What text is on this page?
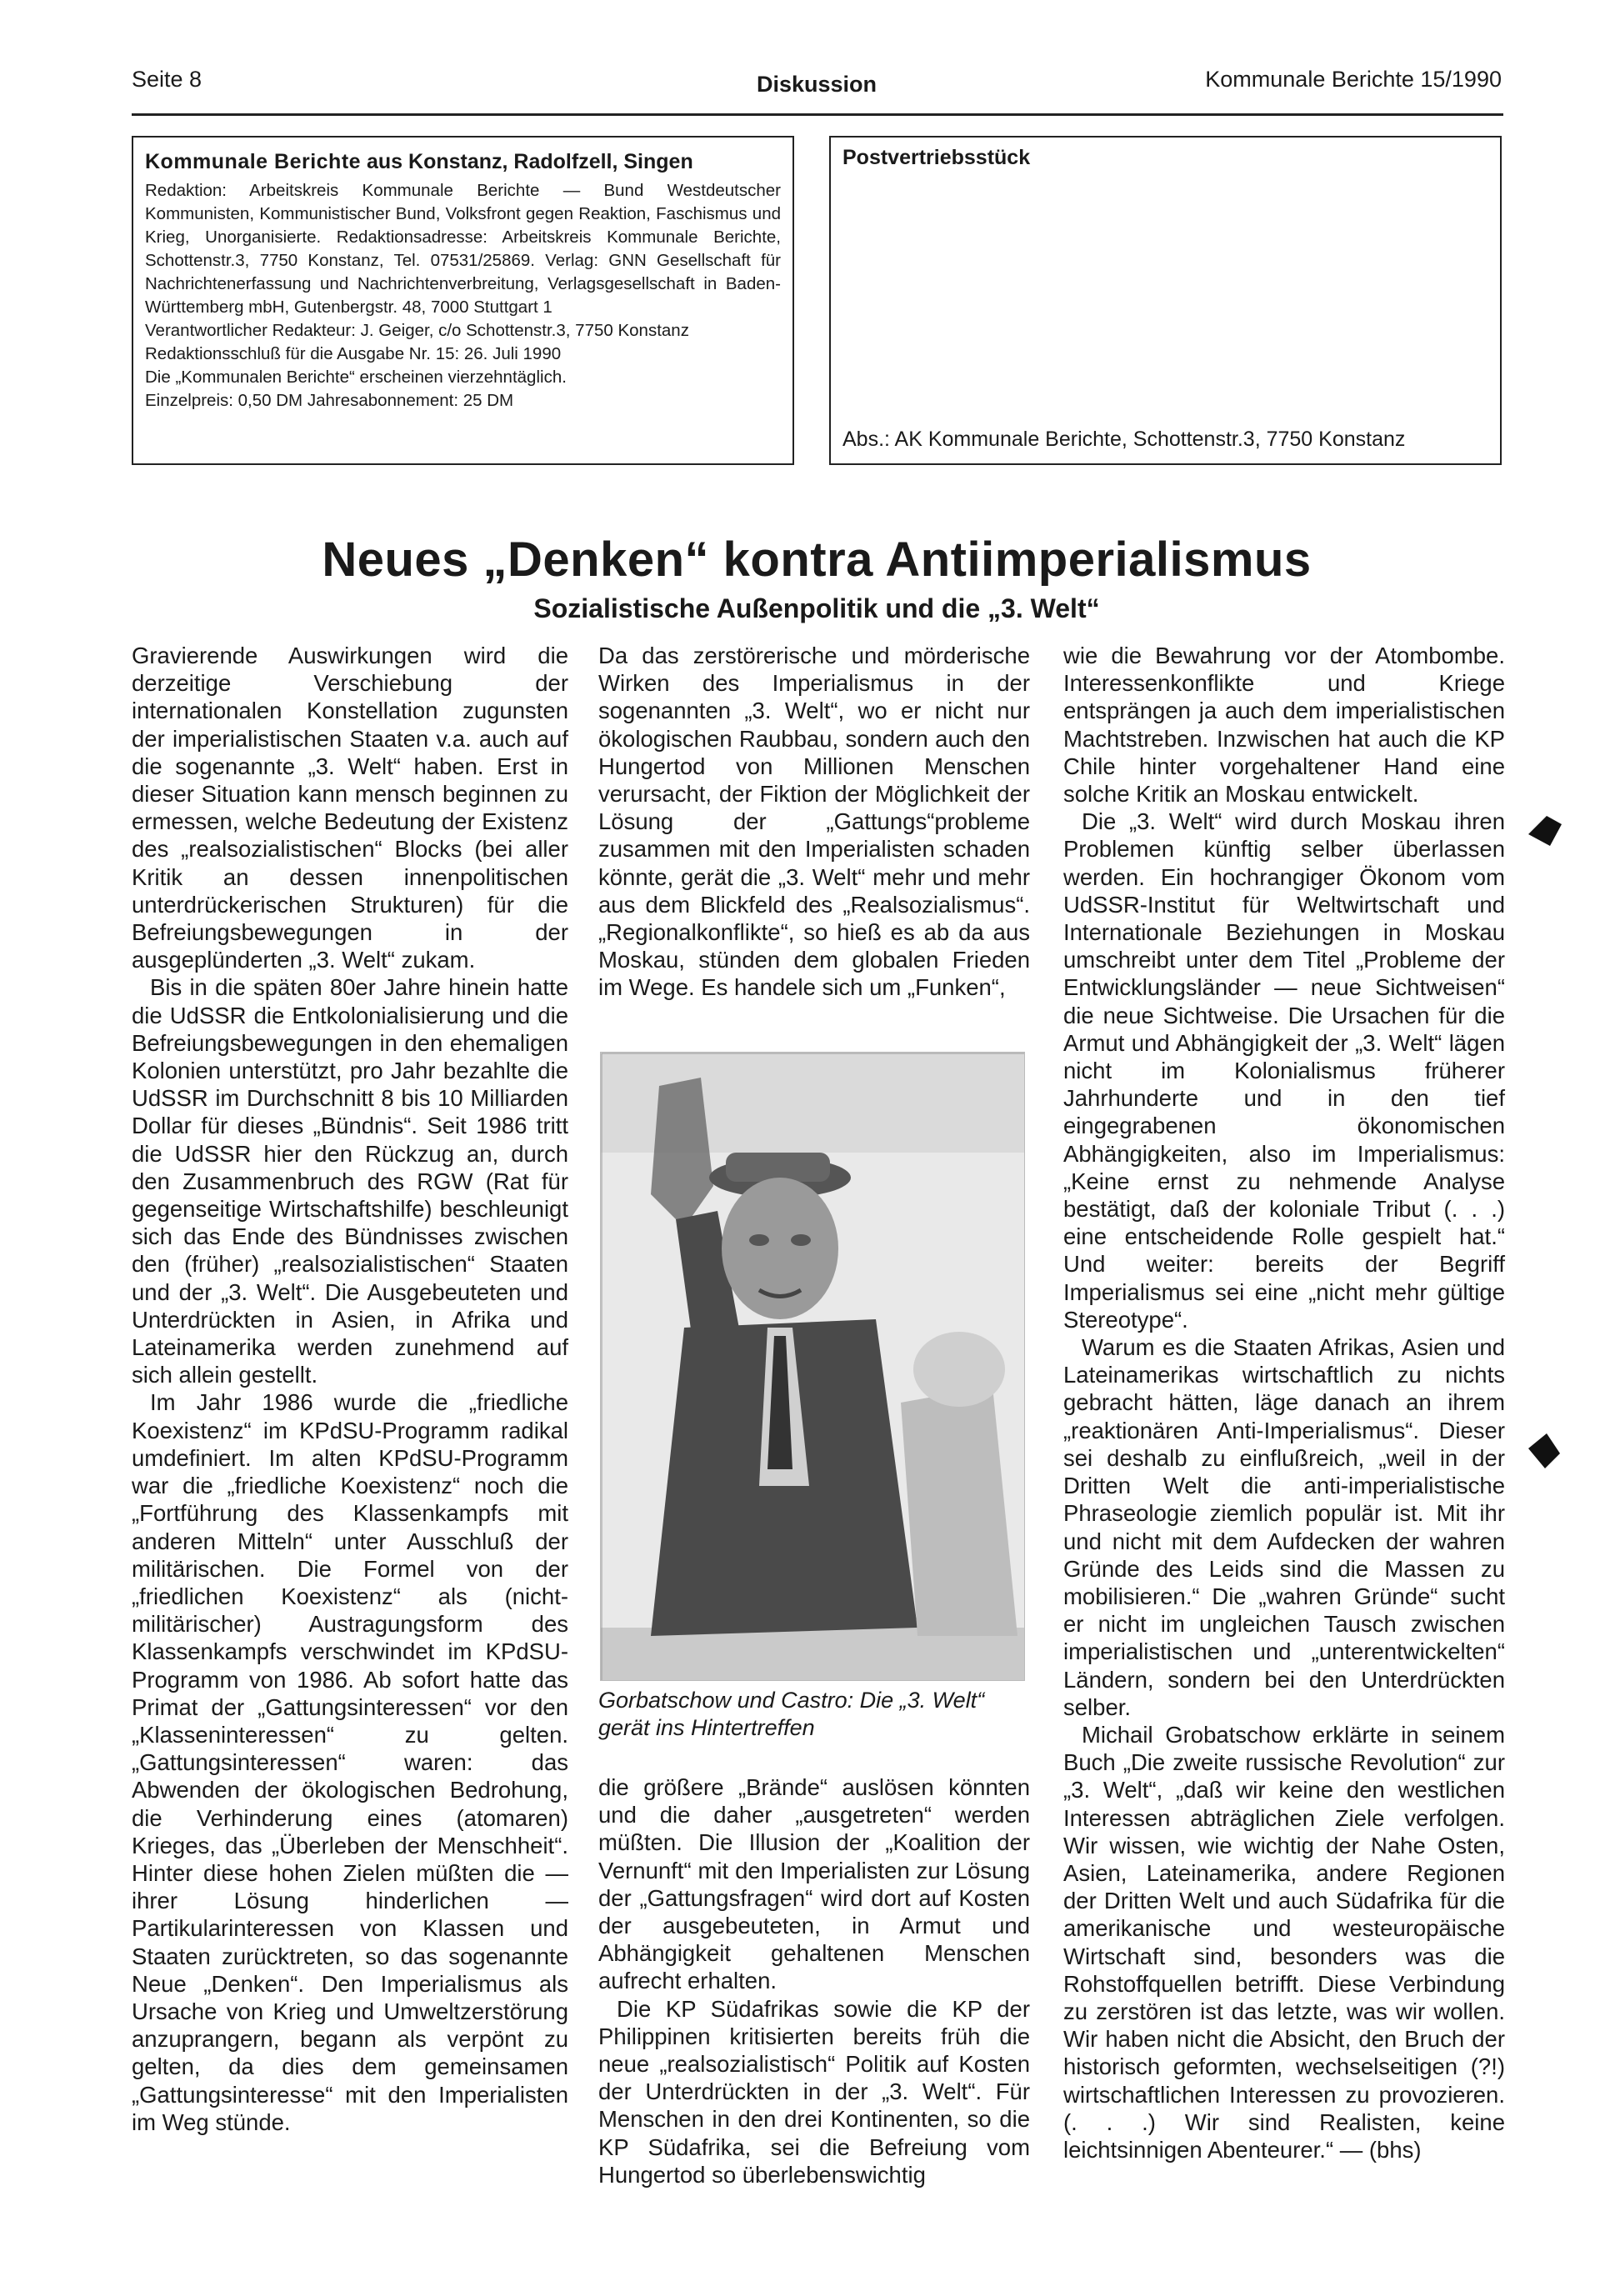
Seite 8	Diskussion	Kommunale Berichte 15/1990
Kommunale Berichte aus Konstanz, Radolfzell, Singen
Redaktion: Arbeitskreis Kommunale Berichte — Bund Westdeutscher Kommunisten, Kommunistischer Bund, Volksfront gegen Reaktion, Faschismus und Krieg, Unorganisierte. Redaktionsadresse: Arbeitskreis Kommunale Berichte, Schottenstr.3, 7750 Konstanz, Tel. 07531/25869. Verlag: GNN Gesellschaft für Nachrichtenerfassung und Nachrichtenverbreitung, Verlagsgesellschaft in Baden-Württemberg mbH, Gutenbergstr. 48, 7000 Stuttgart 1
Verantwortlicher Redakteur: J. Geiger, c/o Schottenstr.3, 7750 Konstanz
Redaktionsschluß für die Ausgabe Nr. 15: 26. Juli 1990
Die „Kommunalen Berichte“ erscheinen vierzehntäglich.
Einzelpreis: 0,50 DM Jahresabonnement: 25 DM
Postvertriebsstück
Abs.: AK Kommunale Berichte, Schottenstr.3, 7750 Konstanz
Neues „Denken“ kontra Antiimperialismus
Sozialistische Außenpolitik und die „3. Welt“

Gravierende Auswirkungen wird die derzeitige Verschiebung der internationalen Konstellation zugunsten der imperialistischen Staaten v.a. auch auf die sogenannte „3. Welt“ haben. Erst in dieser Situation kann mensch beginnen zu ermessen, welche Bedeutung der Existenz des „realsozialistischen“ Blocks (bei aller Kritik an dessen innenpolitischen unterdrückerischen Strukturen) für die Befreiungsbewegungen in der ausgeplünderten „3. Welt“ zukam.

Bis in die späten 80er Jahre hinein hatte die UdSSR die Entkolonialisierung und die Befreiungsbewegungen in den ehemaligen Kolonien unterstützt, pro Jahr bezahlte die UdSSR im Durchschnitt 8 bis 10 Milliarden Dollar für dieses „Bündnis“. Seit 1986 tritt die UdSSR hier den Rückzug an, durch den Zusammenbruch des RGW (Rat für gegenseitige Wirtschaftshilfe) beschleunigt sich das Ende des Bündnisses zwischen den (früher) „realsozialistischen“ Staaten und der „3. Welt“. Die Ausgebeuteten und Unterdrückten in Asien, in Afrika und Lateinamerika werden zunehmend auf sich allein gestellt.

Im Jahr 1986 wurde die „friedliche Koexistenz“ im KPdSU-Programm radikal umdefiniert. Im alten KPdSU-Programm war die „friedliche Koexistenz“ noch die „Fortführung des Klassenkampfs mit anderen Mitteln“ unter Ausschluß der militärischen. Die Formel von der „friedlichen Koexistenz“ als (nicht-militärischer) Austragungsform des Klassenkampfs verschwindet im KPdSU-Programm von 1986. Ab sofort hatte das Primat der „Gattungsinteressen“ vor den „Klasseninteressen“ zu gelten. „Gattungsinteressen“ waren: das Abwenden der ökologischen Bedrohung, die Verhinderung eines (atomaren) Krieges, das „Überleben der Menschheit“. Hinter diese hohen Zielen müßten die — ihrer Lösung hinderlichen — Partikularinteressen von Klassen und Staaten zurücktreten, so das sogenannte Neue „Denken“. Den Imperialismus als Ursache von Krieg und Umweltzerstörung anzuprangern, begann als verpönt zu gelten, da dies dem gemeinsamen „Gattungsinteresse“ mit den Imperialisten im Weg stünde.

Da das zerstörerische und mörderische Wirken des Imperialismus in der sogenannten „3. Welt“, wo er nicht nur ökologischen Raubbau, sondern auch den Hungertod von Millionen Menschen verursacht, der Fiktion der Möglichkeit der Lösung der „Gattungs“probleme zusammen mit den Imperialisten schaden könnte, gerät die „3. Welt“ mehr und mehr aus dem Blickfeld des „Realsozialismus“. „Regionalkonflikte“, so hieß es ab da aus Moskau, stünden dem globalen Frieden im Wege. Es handele sich um „Funken“,

Gorbatschow und Castro: Die „3. Welt“ gerät ins Hintertreffen

die größere „Brände“ auslösen könnten und die daher „ausgetreten“ werden müßten. Die Illusion der „Koalition der Vernunft“ mit den Imperialisten zur Lösung der „Gattungsfragen“ wird dort auf Kosten der ausgebeuteten, in Armut und Abhängigkeit gehaltenen Menschen aufrecht erhalten.

Die KP Südafrikas sowie die KP der Philippinen kritisierten bereits früh die neue „realsozialistisch“ Politik auf Kosten der Unterdrückten in der „3. Welt“. Für Menschen in den drei Kontinenten, so die KP Südafrika, sei die Befreiung vom Hungertod so überlebenswichtig

wie die Bewahrung vor der Atombombe. Interessenkonflikte und Kriege entsprängen ja auch dem imperialistischen Machtstreben. Inzwischen hat auch die KP Chile hinter vorgehaltener Hand eine solche Kritik an Moskau entwickelt.

Die „3. Welt“ wird durch Moskau ihren Problemen künftig selber überlassen werden. Ein hochrangiger Ökonom vom UdSSR-Institut für Weltwirtschaft und Internationale Beziehungen in Moskau umschreibt unter dem Titel „Probleme der Entwicklungsländer — neue Sichtweisen“ die neue Sichtweise. Die Ursachen für die Armut und Abhängigkeit der „3. Welt“ lägen nicht im Kolonialismus früherer Jahrhunderte und in den tief eingegrabenen ökonomischen Abhängigkeiten, also im Imperialismus: „Keine ernst zu nehmende Analyse bestätigt, daß der koloniale Tribut (. . .) eine entscheidende Rolle gespielt hat.“ Und weiter: bereits der Begriff Imperialismus sei eine „nicht mehr gültige Stereotype“.

Warum es die Staaten Afrikas, Asien und Lateinamerikas wirtschaftlich zu nichts gebracht hätten, läge danach an ihrem „reaktionären Anti-Imperialismus“. Dieser sei deshalb zu einflußreich, „weil in der Dritten Welt die anti-imperialistische Phraseologie ziemlich populär ist. Mit ihr und nicht mit dem Aufdecken der wahren Gründe des Leids sind die Massen zu mobilisieren.“ Die „wahren Gründe“ sucht er nicht im ungleichen Tausch zwischen imperialistischen und „unterentwickelten“ Ländern, sondern bei den Unterdrückten selber.

Michail Grobatschow erklärte in seinem Buch „Die zweite russische Revolution“ zur „3. Welt“, „daß wir keine den westlichen Interessen abträglichen Ziele verfolgen. Wir wissen, wie wichtig der Nahe Osten, Asien, Lateinamerika, andere Regionen der Dritten Welt und auch Südafrika für die amerikanische und westeuropäische Wirtschaft sind, besonders was die Rohstoffquellen betrifft. Diese Verbindung zu zerstören ist das letzte, was wir wollen. Wir haben nicht die Absicht, den Bruch der historisch geformten, wechselseitigen (?!) wirtschaftlichen Interessen zu provozieren. (. . .) Wir sind Realisten, keine leichtsinnigen Abenteurer.“ — (bhs)
